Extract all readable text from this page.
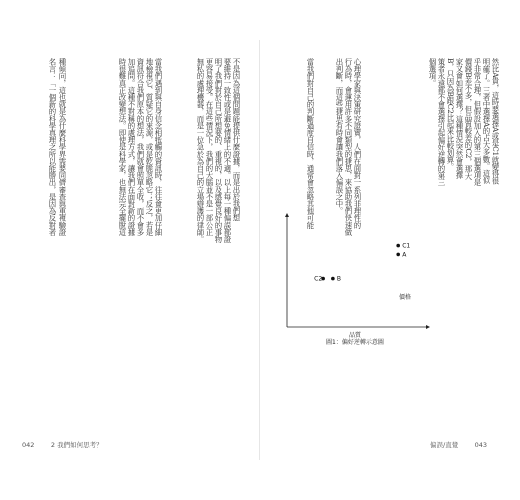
不是因為這個問題能提供什麼證據，而是出於我們想
要維持一致性或是避免情緒上的不適。以上每一種偏誤都證
明了我們對於自己所想要的、重視的，以及感覺良好的事物
更容易接受。在這些情況下，我們的大腦並不是一部公正
無私的處理機器，而是一位急於為自己的立場辯護的律師。
當我們遇到與自身信念相牴觸的資訊時，往往會更加仔細
地檢視它、質疑它的來源，或是乾脆忽略它；反之，若是
資訊符合我們原本的想法，我們就會照單全收，而不會多
加追問。這種不對稱的處理方式，讓我們在面對新的證據
時很難真正改變想法。即使是科學家，也無法完全擺脫這
種傾向，這也就是為什麼科學界需要同儕審查與重複驗證
名言：「一個新的科學真理之所以能勝出，是因為反對者
042	2 我們如何思考？
然比A貴，這時要選擇A或是C1就變得很
明確了。三者中選擇A的占大多數。這似
乎非常合理，但假設加入的第三個選項是
價錢B差不多，但品質較差的C2，那大
家又會如何選擇？這種情況突然會選擇
B，只因為B跟C2比起來比較划算。
策者永遠都不會選擇引起偏好逆轉的第三
個選項。
心理學家與決策研究證實，人們在面對一系列非理性的
行為時，會運用許多不同類型的捷思，來協助我們快速做
出判斷，而這些捷思有時會讓我們落入偏誤之中。
當我們對自己的判斷過度自信時，通常會忽略其他可能
C1
A
C2 B
價格
品質
圖1：偏好逆轉示意圖
偏誤/直覺	043
